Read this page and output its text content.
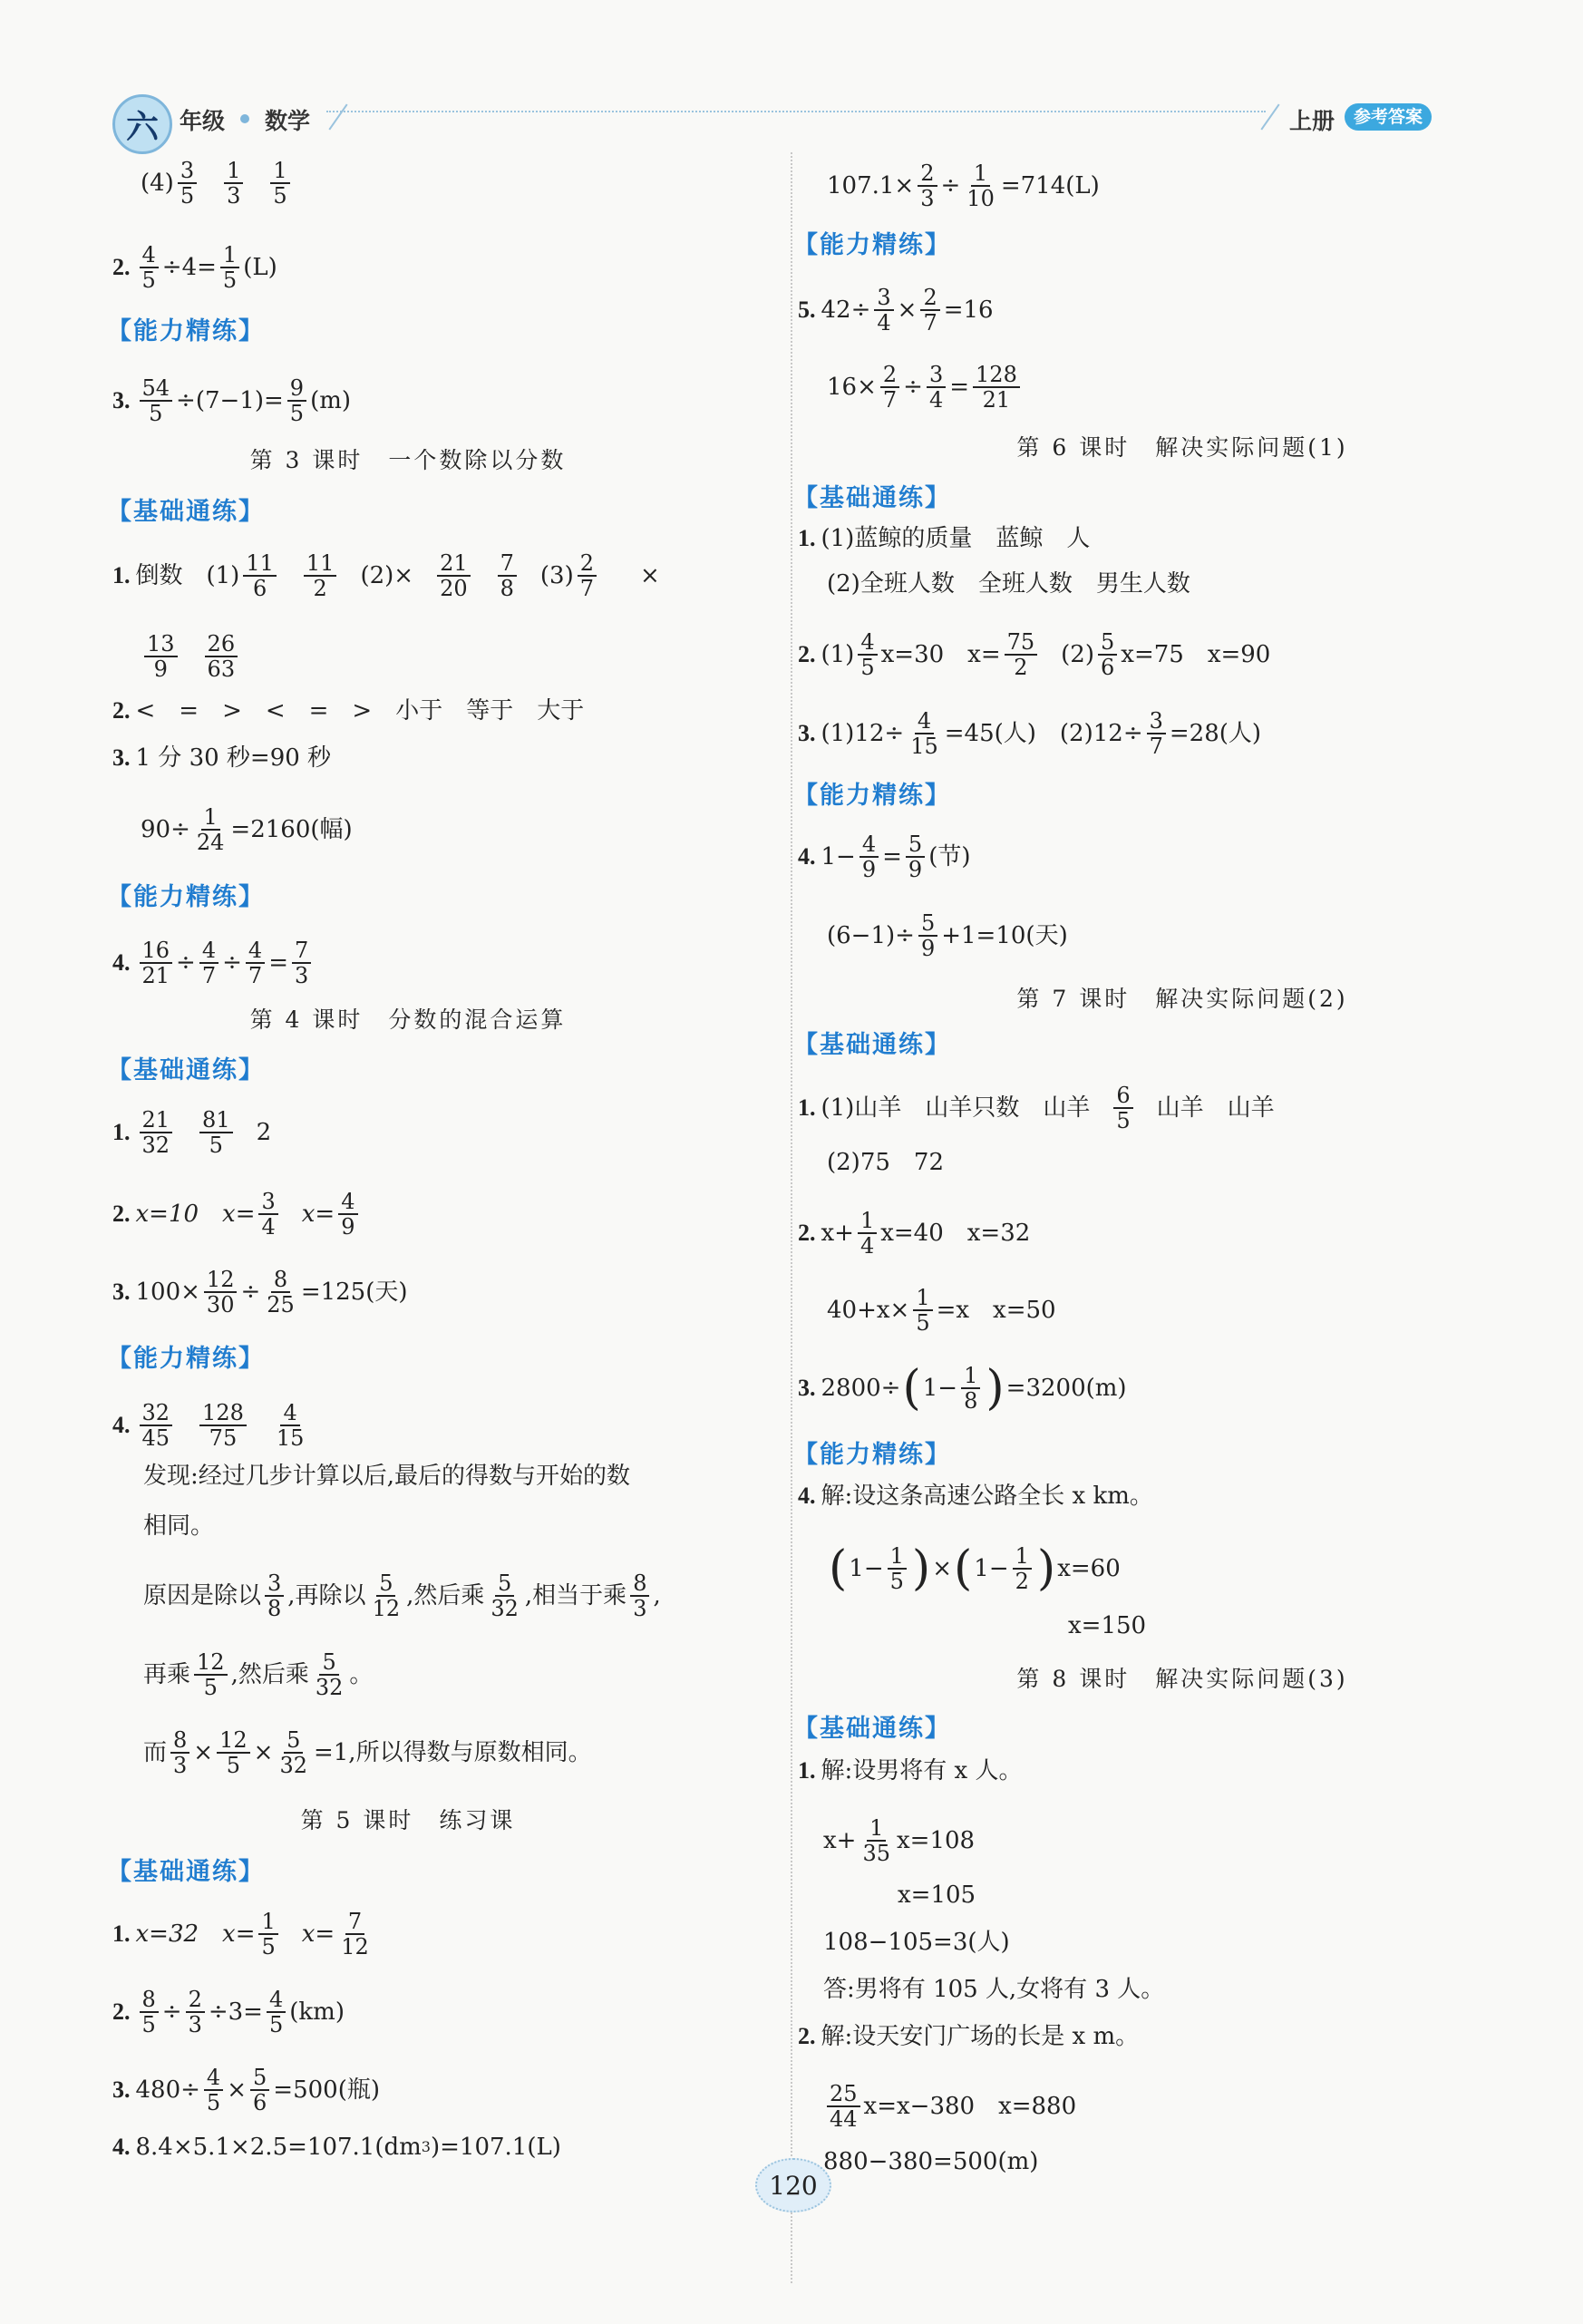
六 年级 数学	上册	参考答案
(4) 3
5
1
3
1
5
2. $\frac{4}{5} \div 4= \frac{1}{5} (L)$
【能力精练】
3. $\frac{54}{5} \div(7-1)= \frac{9}{5} (m)$
第 3 课时　一个数除以分数
【基础通练】
1. 倒数　(1) 11
6
11
2 (2)× 21
20
7
8 (3) 2
7 ×
13
9
26
63
2. <　=　>　<　=　>　小于　等于　大于
3. 1 分 30 秒=90 秒
$90\div \frac{1}{24} =2160$(幅)
【能力精练】
4. $\frac{16}{21} \div \frac{4}{7} \div \frac{4}{7} = \frac{7}{3}$
第 4 课时　分数的混合运算
【基础通练】
1. 21
32
81
5 2
2. x=10　$x= \frac{3}{4} x= \frac{4}{9}$
3. $100\times \frac{12}{30} \div \frac{8}{25} =125$(天)
【能力精练】
4. 32
45
128
75
4
15
发现:经过几步计算以后,最后的得数与开始的数
相同。
原因是除以 3
8 ,再除以 5
12 ,然后乘 5
32 ,相当于乘 8
3 ,
再乘 12
5 ,然后乘 5
32 。
而 $\frac{8}{3} \times \frac{12}{5} \times \frac{5}{32} =1$,所以得数与原数相同。
第 5 课时　练习课
【基础通练】
1. x=32　$x= \frac{1}{5} x= \frac{7}{12}$
2. $\frac{8}{5} \div \frac{2}{3} \div 3= \frac{4}{5} (km)$
3. $480\div \frac{4}{5} \times \frac{5}{6} =500$(瓶)
4. 8.4×5.1×2.5=107.1(dm 3 )=107.1(L)
$107.1\times \frac{2}{3} \div \frac{1}{10} =714(L)$
【能力精练】
5. $42\div \frac{3}{4} \times \frac{2}{7} =16$
$16\times \frac{2}{7} \div \frac{3}{4} = \frac{128}{21}$
第 6 课时　解决实际问题(1)
【基础通练】
1. (1)蓝鲸的质量　蓝鲸　人
(2)全班人数　全班人数　男生人数
2. (1) 4
5 x=30　$x= \frac{75}{2} (2)$ 5
6 x=75　x=90
3. $(1)12\div \frac{4}{15} =45$(人)　$(2)12\div \frac{3}{7} =28$(人)
【能力精练】
4. $1- \frac{4}{9} = \frac{5}{9}$ (节)
$(6-1)\div \frac{5}{9} +1=10$(天)
第 7 课时　解决实际问题(2)
【基础通练】
1. (1)山羊　山羊只数　山羊 6
5 山羊　山羊
(2)75　72
2. $x+ \frac{1}{4} x=40$　x=32
$40+x\times \frac{1}{5} =x$　x=50
3. 2800÷ ( $1- \frac{1}{8}$ ) =3200(m)
【能力精练】
4. 解:设这条高速公路全长 x km。
( $1- \frac{1}{5}$ ) × ( $1- \frac{1}{2}$ ) x=60
x=150
第 8 课时　解决实际问题(3)
【基础通练】
1. 解:设男将有 x 人。
$x+ \frac{1}{35} x=108$
x=105
108−105=3(人)
答:男将有 105 人,女将有 3 人。
2. 解:设天安门广场的长是 x m。
25
44 x=x−380　x=880
880−380=500(m)
120
